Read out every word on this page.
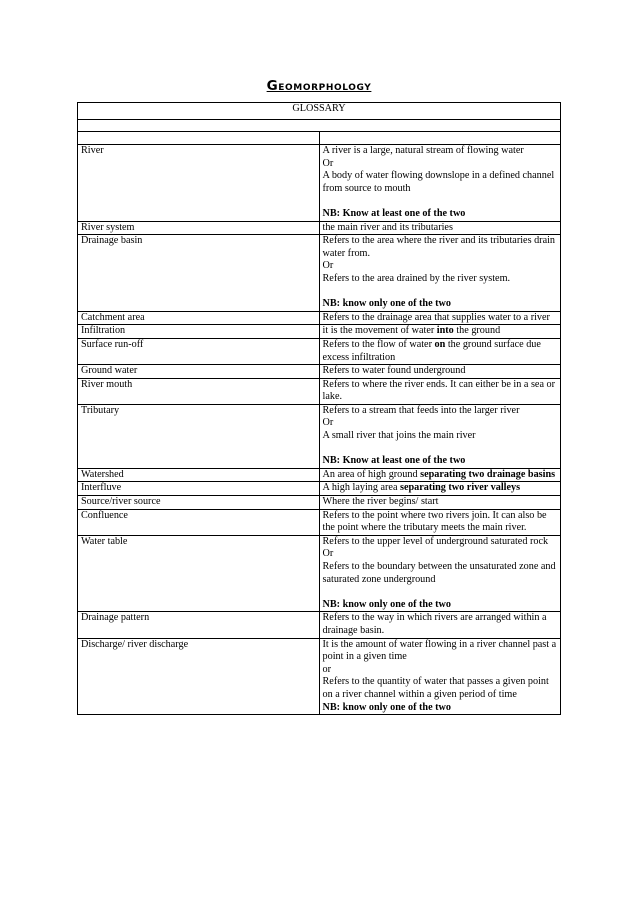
Geomorphology
GLOSSARY	

River	A river is a large, natural stream of flowing water
Or
A body of water flowing downslope in a defined channel from source to mouth
NB: Know at least one of the two

River system	the main river and its tributaries

Drainage basin	Refers to the area where the river and its tributaries drain water from.
Or
Refers to the area drained by the river system.
NB: know only one of the two

Catchment area	Refers to the drainage area that supplies water to a river

Infiltration	it is the movement of water into the ground
Surface run-off	Refers to the flow of water on the ground surface due excess infiltration
Ground water	Refers to water found underground

River mouth	Refers to where the river ends. It can either be in a sea or lake.

Tributary	Refers to a stream that feeds into the larger river
Or
A small river that joins the main river
NB: Know at least one of the two

Watershed	An area of high ground separating two drainage basins
Interfluve	A high laying area separating two river valleys
Source/river source	Where the river begins/ start

Confluence	Refers to the point where two rivers join. It can also be the point where the tributary meets the main river.

Water table	Refers to the upper level of underground saturated rock
Or
Refers to the boundary between the unsaturated zone and saturated zone underground
NB: know only one of the two

Drainage pattern	Refers to the way in which rivers are arranged within a drainage basin.

Discharge/ river discharge	It is the amount of water flowing in a river channel past a point in a given time
or
Refers to the quantity of water that passes a given point on a river channel within a given period of time
NB: know only one of the two
